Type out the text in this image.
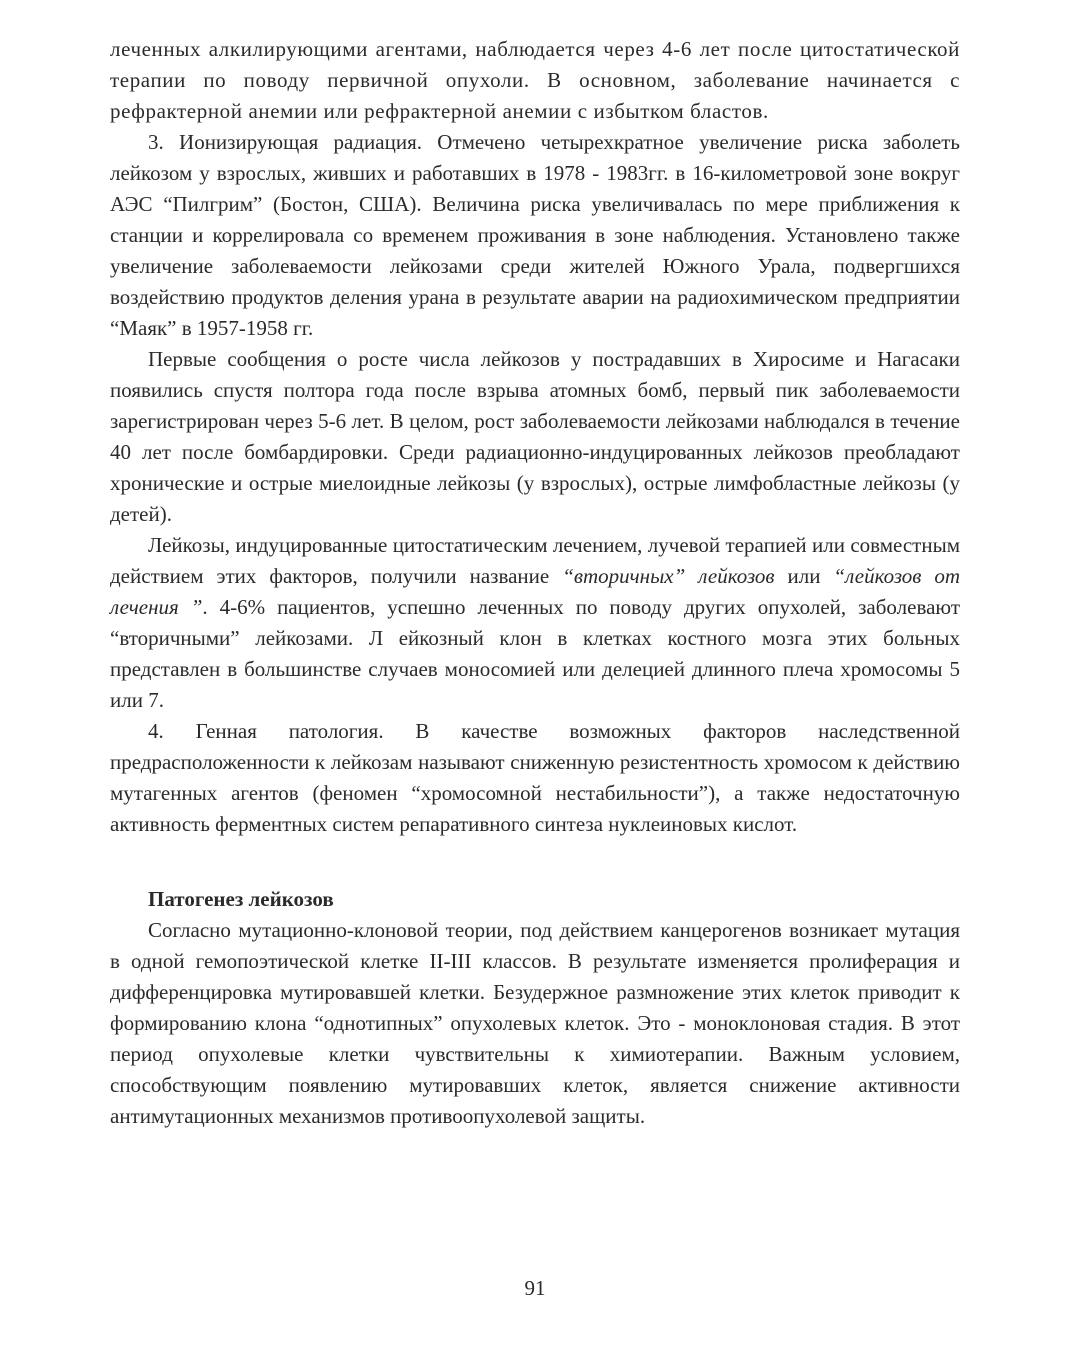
леченных алкилирующими агентами, наблюдается через 4-6 лет после цитостатической терапии по поводу первичной опухоли. В основном, заболевание начинается с рефрактерной анемии или рефрактерной анемии с избытком бластов.

3. Ионизирующая радиация. Отмечено четырехкратное увеличение риска заболеть лейкозом у взрослых, живших и работавших в 1978 - 1983гг. в 16-километровой зоне вокруг АЭС “Пилгрим” (Бостон, США). Величина риска увеличивалась по мере приближения к станции и коррелировала со временем проживания в зоне наблюдения. Установлено также увеличение заболеваемости лейкозами среди жителей Южного Урала, подвергшихся воздействию продуктов деления урана в результате аварии на радиохимическом предприятии “Маяк” в 1957-1958 гг.

Первые сообщения о росте числа лейкозов у пострадавших в Хиросиме и Нагасаки появились спустя полтора года после взрыва атомных бомб, первый пик заболеваемости зарегистрирован через 5-6 лет. В целом, рост заболеваемости лейкозами наблюдался в течение 40 лет после бомбардировки. Среди радиационно-индуцированных лейкозов преобладают хронические и острые миелоидные лейкозы (у взрослых), острые лимфобластные лейкозы (у детей).

Лейкозы, индуцированные цитостатическим лечением, лучевой терапией или совместным действием этих факторов, получили название “вторичных” лейкозов или “лейкозов от лечения ”. 4-6% пациентов, успешно леченных по поводу других опухолей, заболевают “вторичными” лейкозами. Л ейкозный клон в клетках костного мозга этих больных представлен в большинстве случаев моносомией или делецией длинного плеча хромосомы 5 или 7.

4. Генная патология. В качестве возможных факторов наследственной предрасположенности к лейкозам называют сниженную резистентность хромосом к действию мутагенных агентов (феномен “хромосомной нестабильности”), а также недостаточную активность ферментных систем репаративного синтеза нуклеиновых кислот.

Патогенез лейкозов

Согласно мутационно-клоновой теории, под действием канцерогенов возникает мутация в одной гемопоэтической клетке II-III классов. В результате изменяется пролиферация и дифференцировка мутировавшей клетки. Безудержное размножение этих клеток приводит к формированию клона “однотипных” опухолевых клеток. Это - моноклоновая стадия. В этот период опухолевые клетки чувствительны к химиотерапии. Важным условием, способствующим появлению мутировавших клеток, является снижение активности антимутационных механизмов противоопухолевой защиты.

91
